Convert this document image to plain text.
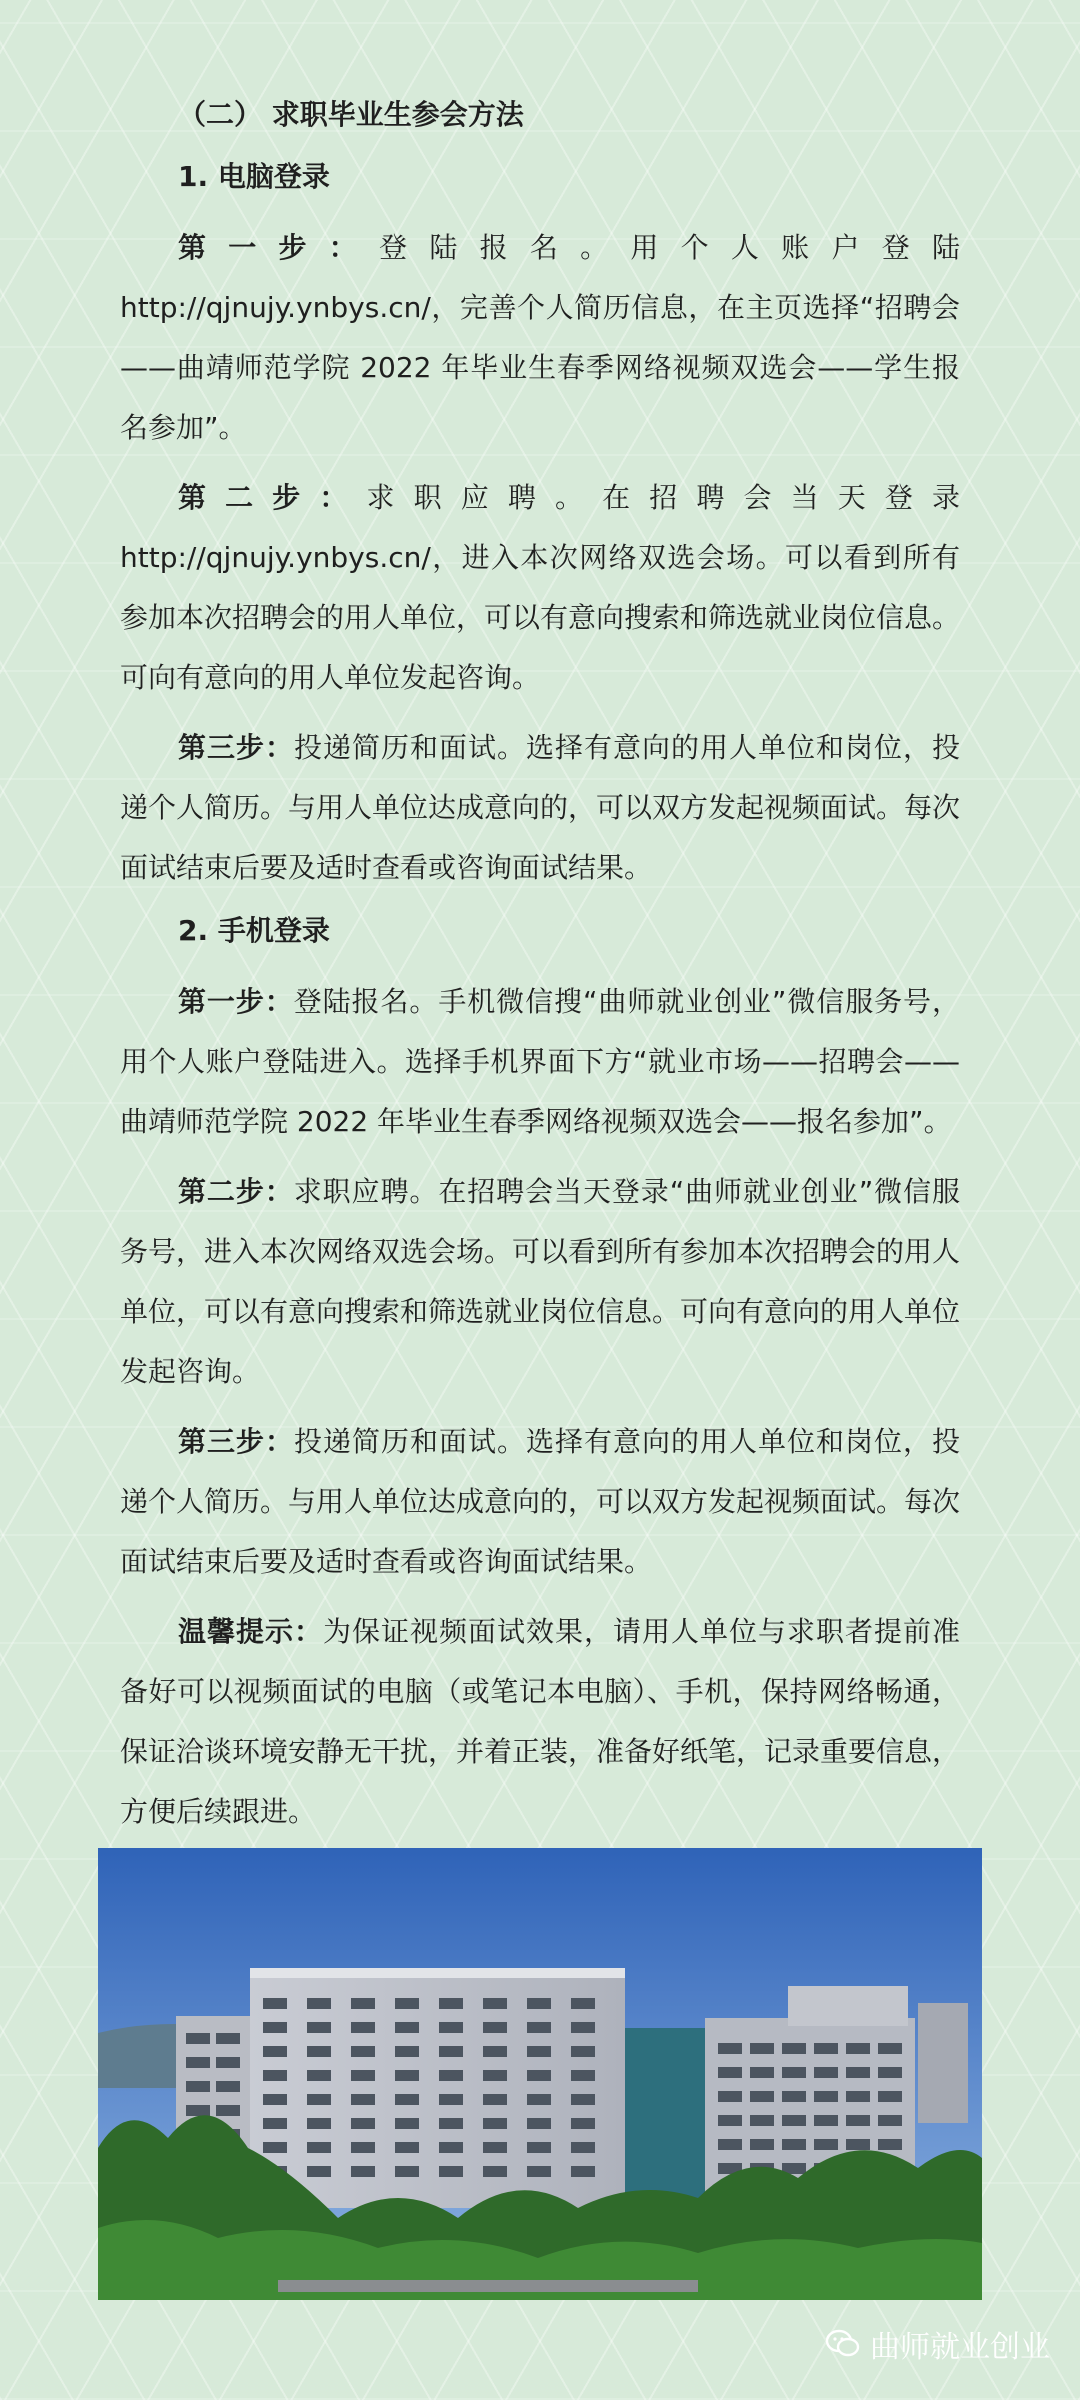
（二） 求职毕业生参会方法
1. 电脑登录

第一步：登陆报名。用个人账户登陆 http://qjnujy.ynbys.cn/，完善个人简历信息，在主页选择“招聘会——曲靖师范学院 2022 年毕业生春季网络视频双选会——学生报名参加”。

第二步：求职应聘。在招聘会当天登录 http://qjnujy.ynbys.cn/，进入本次网络双选会场。可以看到所有参加本次招聘会的用人单位，可以有意向搜索和筛选就业岗位信息。可向有意向的用人单位发起咨询。

第三步：投递简历和面试。选择有意向的用人单位和岗位，投递个人简历。与用人单位达成意向的，可以双方发起视频面试。每次面试结束后要及适时查看或咨询面试结果。

2. 手机登录

第一步：登陆报名。手机微信搜“曲师就业创业”微信服务号，用个人账户登陆进入。选择手机界面下方“就业市场——招聘会——曲靖师范学院 2022 年毕业生春季网络视频双选会——报名参加”。

第二步：求职应聘。在招聘会当天登录“曲师就业创业”微信服务号，进入本次网络双选会场。可以看到所有参加本次招聘会的用人单位，可以有意向搜索和筛选就业岗位信息。可向有意向的用人单位发起咨询。

第三步：投递简历和面试。选择有意向的用人单位和岗位，投递个人简历。与用人单位达成意向的，可以双方发起视频面试。每次面试结束后要及适时查看或咨询面试结果。

温馨提示：为保证视频面试效果，请用人单位与求职者提前准备好可以视频面试的电脑（或笔记本电脑）、手机，保持网络畅通，保证洽谈环境安静无干扰，并着正装，准备好纸笔，记录重要信息，方便后续跟进。

曲师就业创业
